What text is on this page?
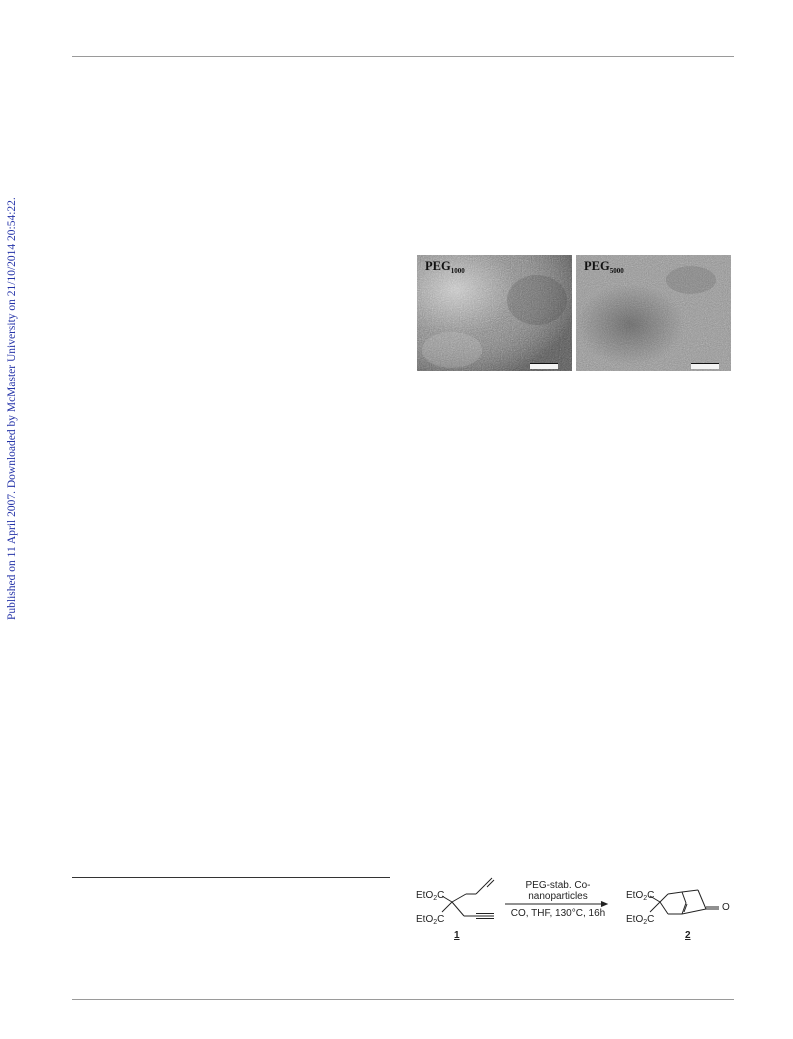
Published on 11 April 2007. Downloaded by McMaster University on 21/10/2014 20:54:22.	$PEG_{1000}$	$PEG_{5000}$
EtO$_2$C
EtO$_2$C
1
PEG-stab. Co-
nanoparticles
CO, THF, 130°C, 16h
EtO$_2$C
EtO$_2$C
O
2
